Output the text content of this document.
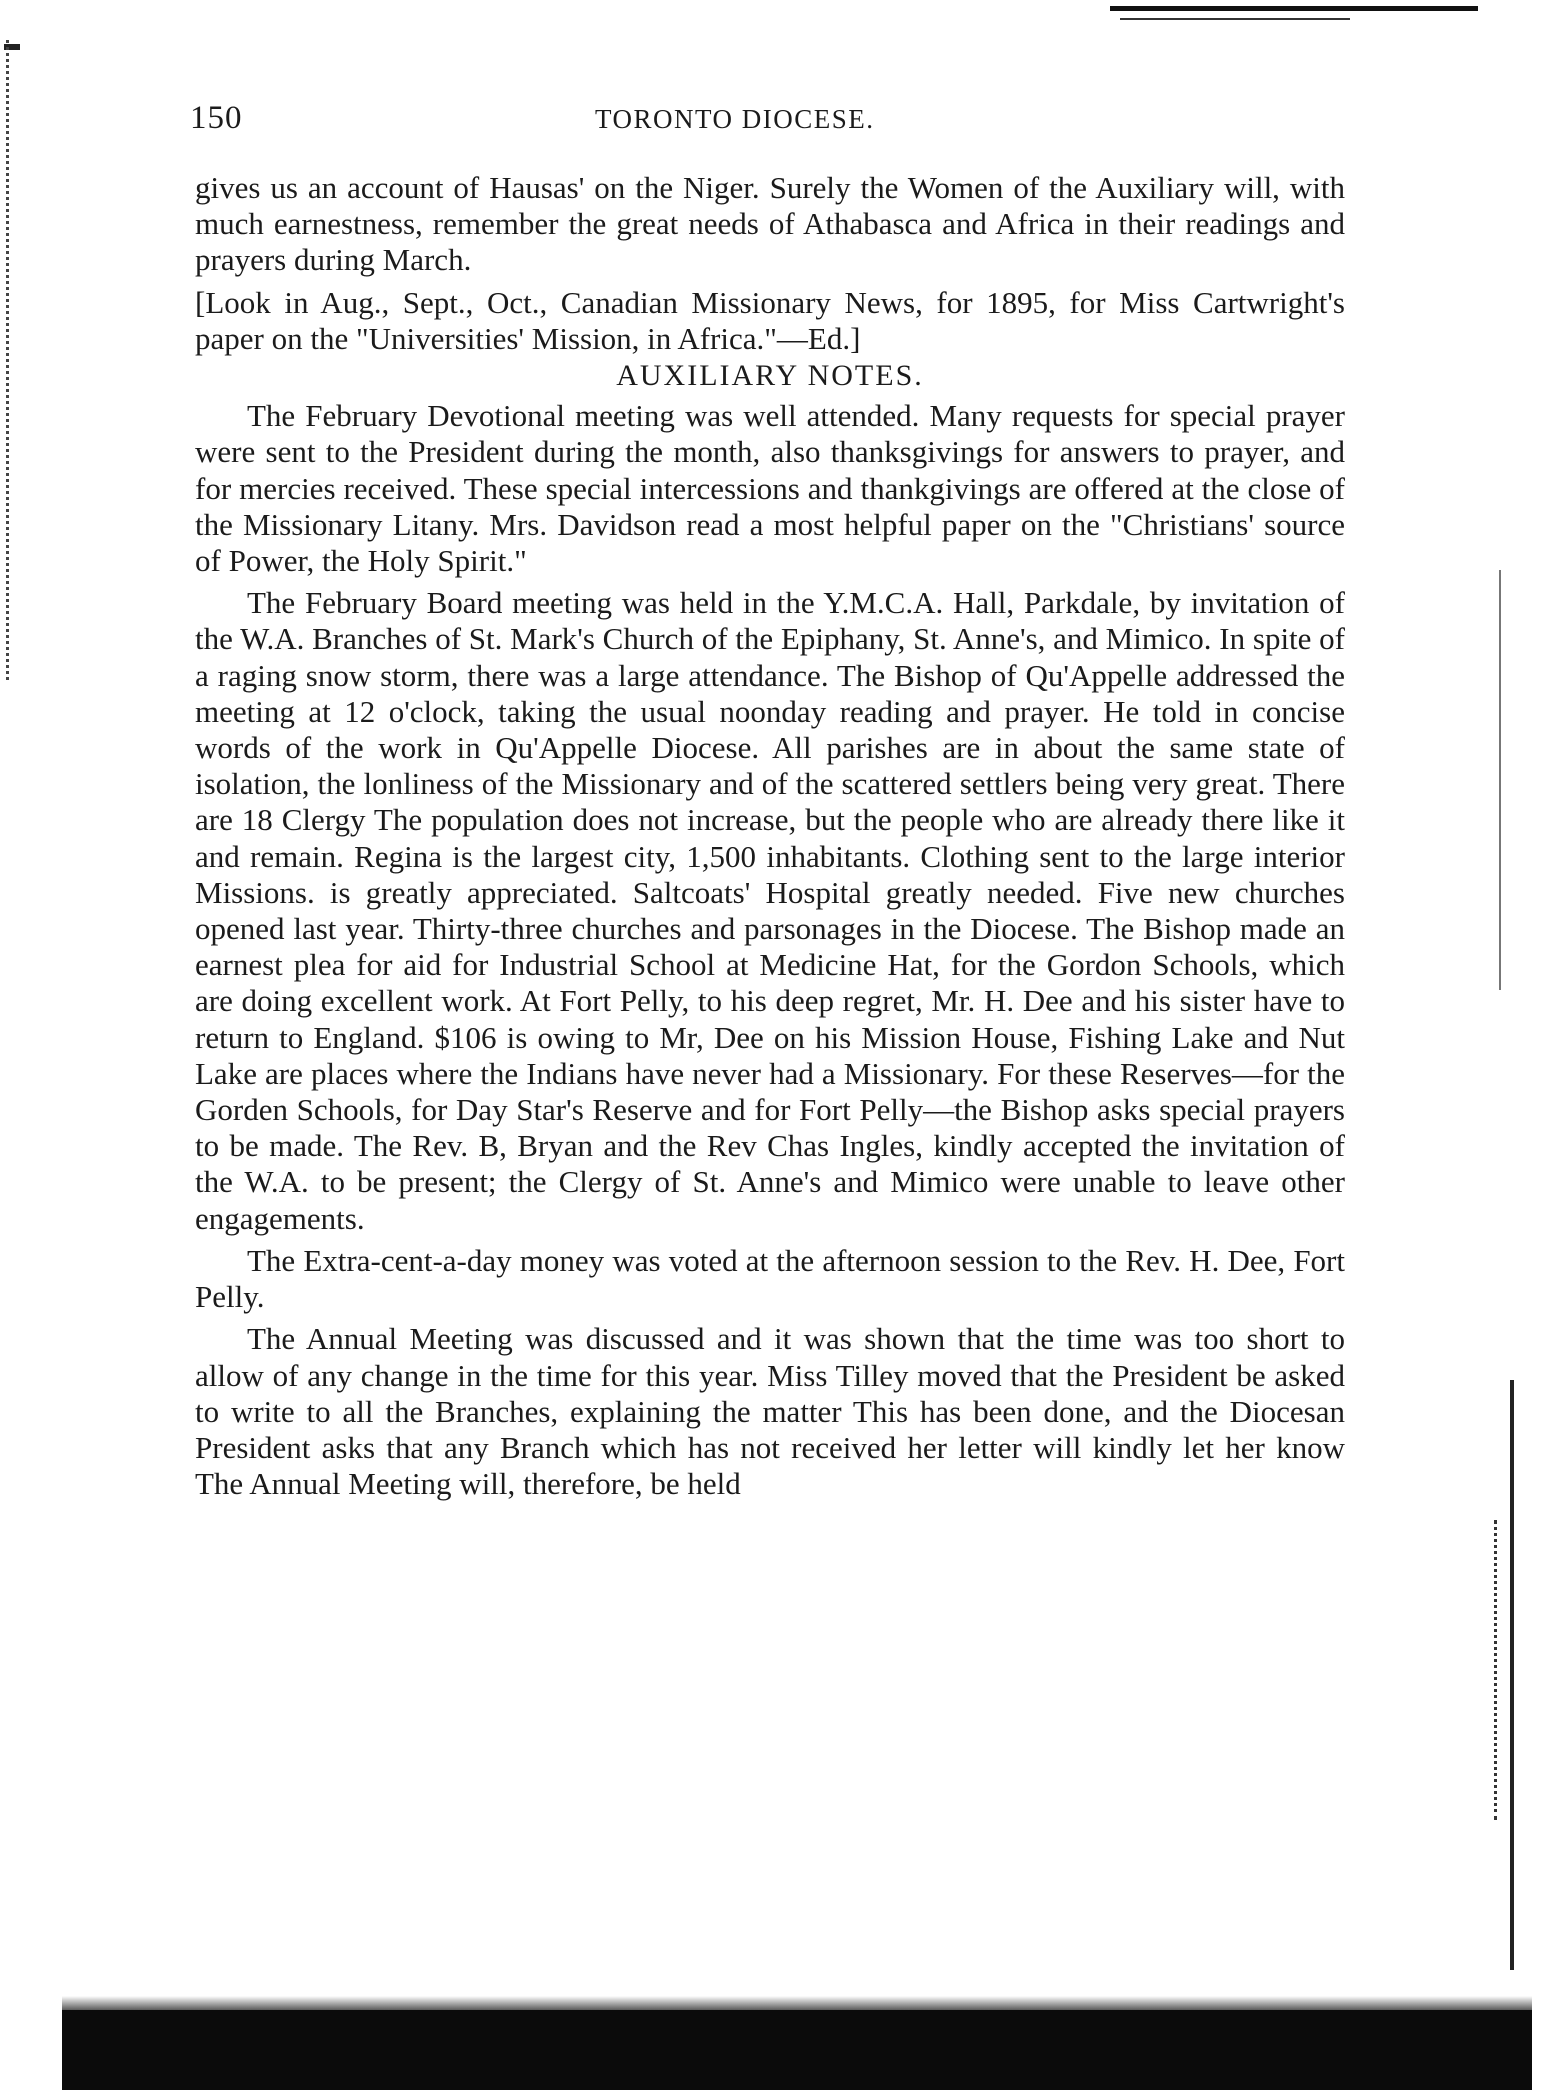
150	TORONTO DIOCESE.

gives us an account of Hausas' on the Niger. Surely the Women of the Auxiliary will, with much earnestness, remember the great needs of Athabasca and Africa in their readings and prayers during March.

[Look in Aug., Sept., Oct., Canadian Missionary News, for 1895, for Miss Cartwright's paper on the "Universities' Mission, in Africa."—Ed.]

AUXILIARY NOTES.

The February Devotional meeting was well attended. Many requests for special prayer were sent to the President during the month, also thanksgivings for answers to prayer, and for mercies received. These special intercessions and thankgivings are offered at the close of the Missionary Litany. Mrs. Davidson read a most helpful paper on the "Christians' source of Power, the Holy Spirit."

The February Board meeting was held in the Y.M.C.A. Hall, Parkdale, by invitation of the W.A. Branches of St. Mark's Church of the Epiphany, St. Anne's, and Mimico. In spite of a raging snow storm, there was a large attendance. The Bishop of Qu'Appelle addressed the meeting at 12 o'clock, taking the usual noonday reading and prayer. He told in concise words of the work in Qu'Appelle Diocese. All parishes are in about the same state of isolation, the lonliness of the Missionary and of the scattered settlers being very great. There are 18 Clergy The population does not increase, but the people who are already there like it and remain. Regina is the largest city, 1,500 inhabitants. Clothing sent to the large interior Missions. is greatly appreciated. Saltcoats' Hospital greatly needed. Five new churches opened last year. Thirty-three churches and parsonages in the Diocese. The Bishop made an earnest plea for aid for Industrial School at Medicine Hat, for the Gordon Schools, which are doing excellent work. At Fort Pelly, to his deep regret, Mr. H. Dee and his sister have to return to England. $106 is owing to Mr, Dee on his Mission House, Fishing Lake and Nut Lake are places where the Indians have never had a Missionary. For these Reserves—for the Gorden Schools, for Day Star's Reserve and for Fort Pelly—the Bishop asks special prayers to be made. The Rev. B, Bryan and the Rev Chas Ingles, kindly accepted the invitation of the W.A. to be present; the Clergy of St. Anne's and Mimico were unable to leave other engagements.

The Extra-cent-a-day money was voted at the afternoon session to the Rev. H. Dee, Fort Pelly.

The Annual Meeting was discussed and it was shown that the time was too short to allow of any change in the time for this year. Miss Tilley moved that the President be asked to write to all the Branches, explaining the matter This has been done, and the Diocesan President asks that any Branch which has not received her letter will kindly let her know The Annual Meeting will, therefore, be held
